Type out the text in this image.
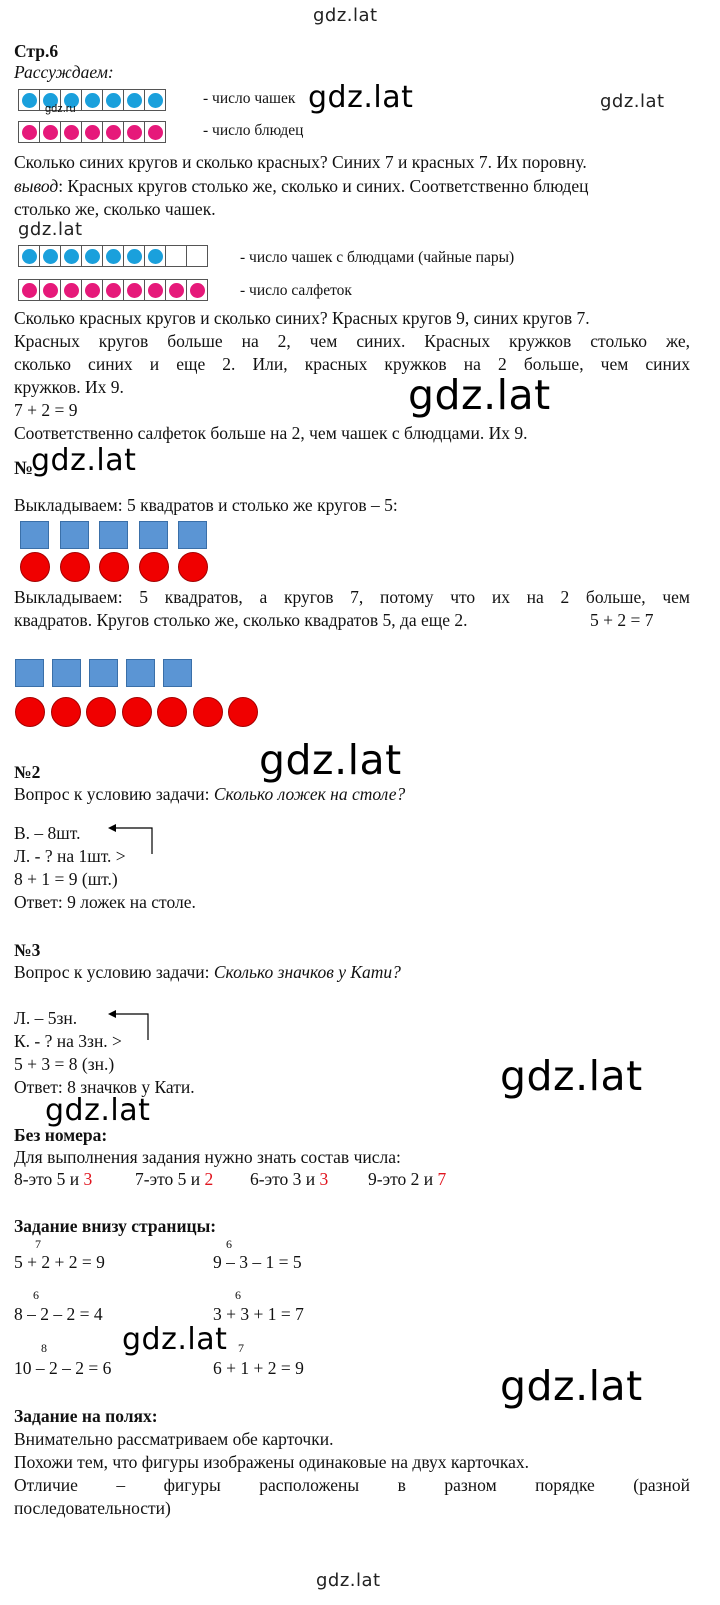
gdz.lat
Стр.6
Рассуждаем:
- число чашек
gdz.ru	gdz.lat	gdz.lat
- число блюдец
Сколько синих кругов и сколько красных? Синих 7 и красных 7. Их поровну.
вывод: Красных кругов столько же, сколько и синих. Соответственно блюдец
столько же, сколько чашек.
gdz.lat
- число чашек с блюдцами (чайные пары)
- число салфеток
Сколько красных кругов и сколько синих? Красных кругов 9, синих кругов 7.
Красных кругов больше на 2, чем синих. Красных кружков столько же,
сколько синих и еще 2. Или, красных кружков на 2 больше, чем синих
кружков. Их 9.
7 + 2 = 9
Соответственно салфеток больше на 2, чем чашек с блюдцами. Их 9.
gdz.lat
№
gdz.lat
Выкладываем: 5 квадратов и столько же кругов – 5:
Выкладываем: 5 квадратов, а кругов 7, потому что их на 2 больше, чем
квадратов. Кругов столько же, сколько квадратов 5, да еще 2.	5 + 2 = 7
gdz.lat
№2
Вопрос к условию задачи: Сколько ложек на столе?
В. – 8шт.
Л. - ? на 1шт. >
8 + 1 = 9 (шт.)
Ответ: 9 ложек на столе.
№3
Вопрос к условию задачи: Сколько значков у Кати?
Л. – 5зн.
К. - ? на 3зн. >
5 + 3 = 8 (зн.)
Ответ: 8 значков у Кати.	gdz.lat
gdz.lat
Без номера:
Для выполнения задания нужно знать состав числа:
8-это 5 и 3 7-это 5 и 2 6-это 3 и 3 9-это 2 и 7
Задание внизу страницы:
7
5 + 2 + 2 = 9
6
9 – 3 – 1 = 5
6
8 – 2 – 2 = 4
6
3 + 3 + 1 = 7
8
10 – 2 – 2 = 6
7
6 + 1 + 2 = 9
gdz.lat
gdz.lat
Задание на полях:
Внимательно рассматриваем обе карточки.
Похожи тем, что фигуры изображены одинаковые на двух карточках.
Отличие – фигуры расположены в разном порядке (разной
последовательности)
gdz.lat
